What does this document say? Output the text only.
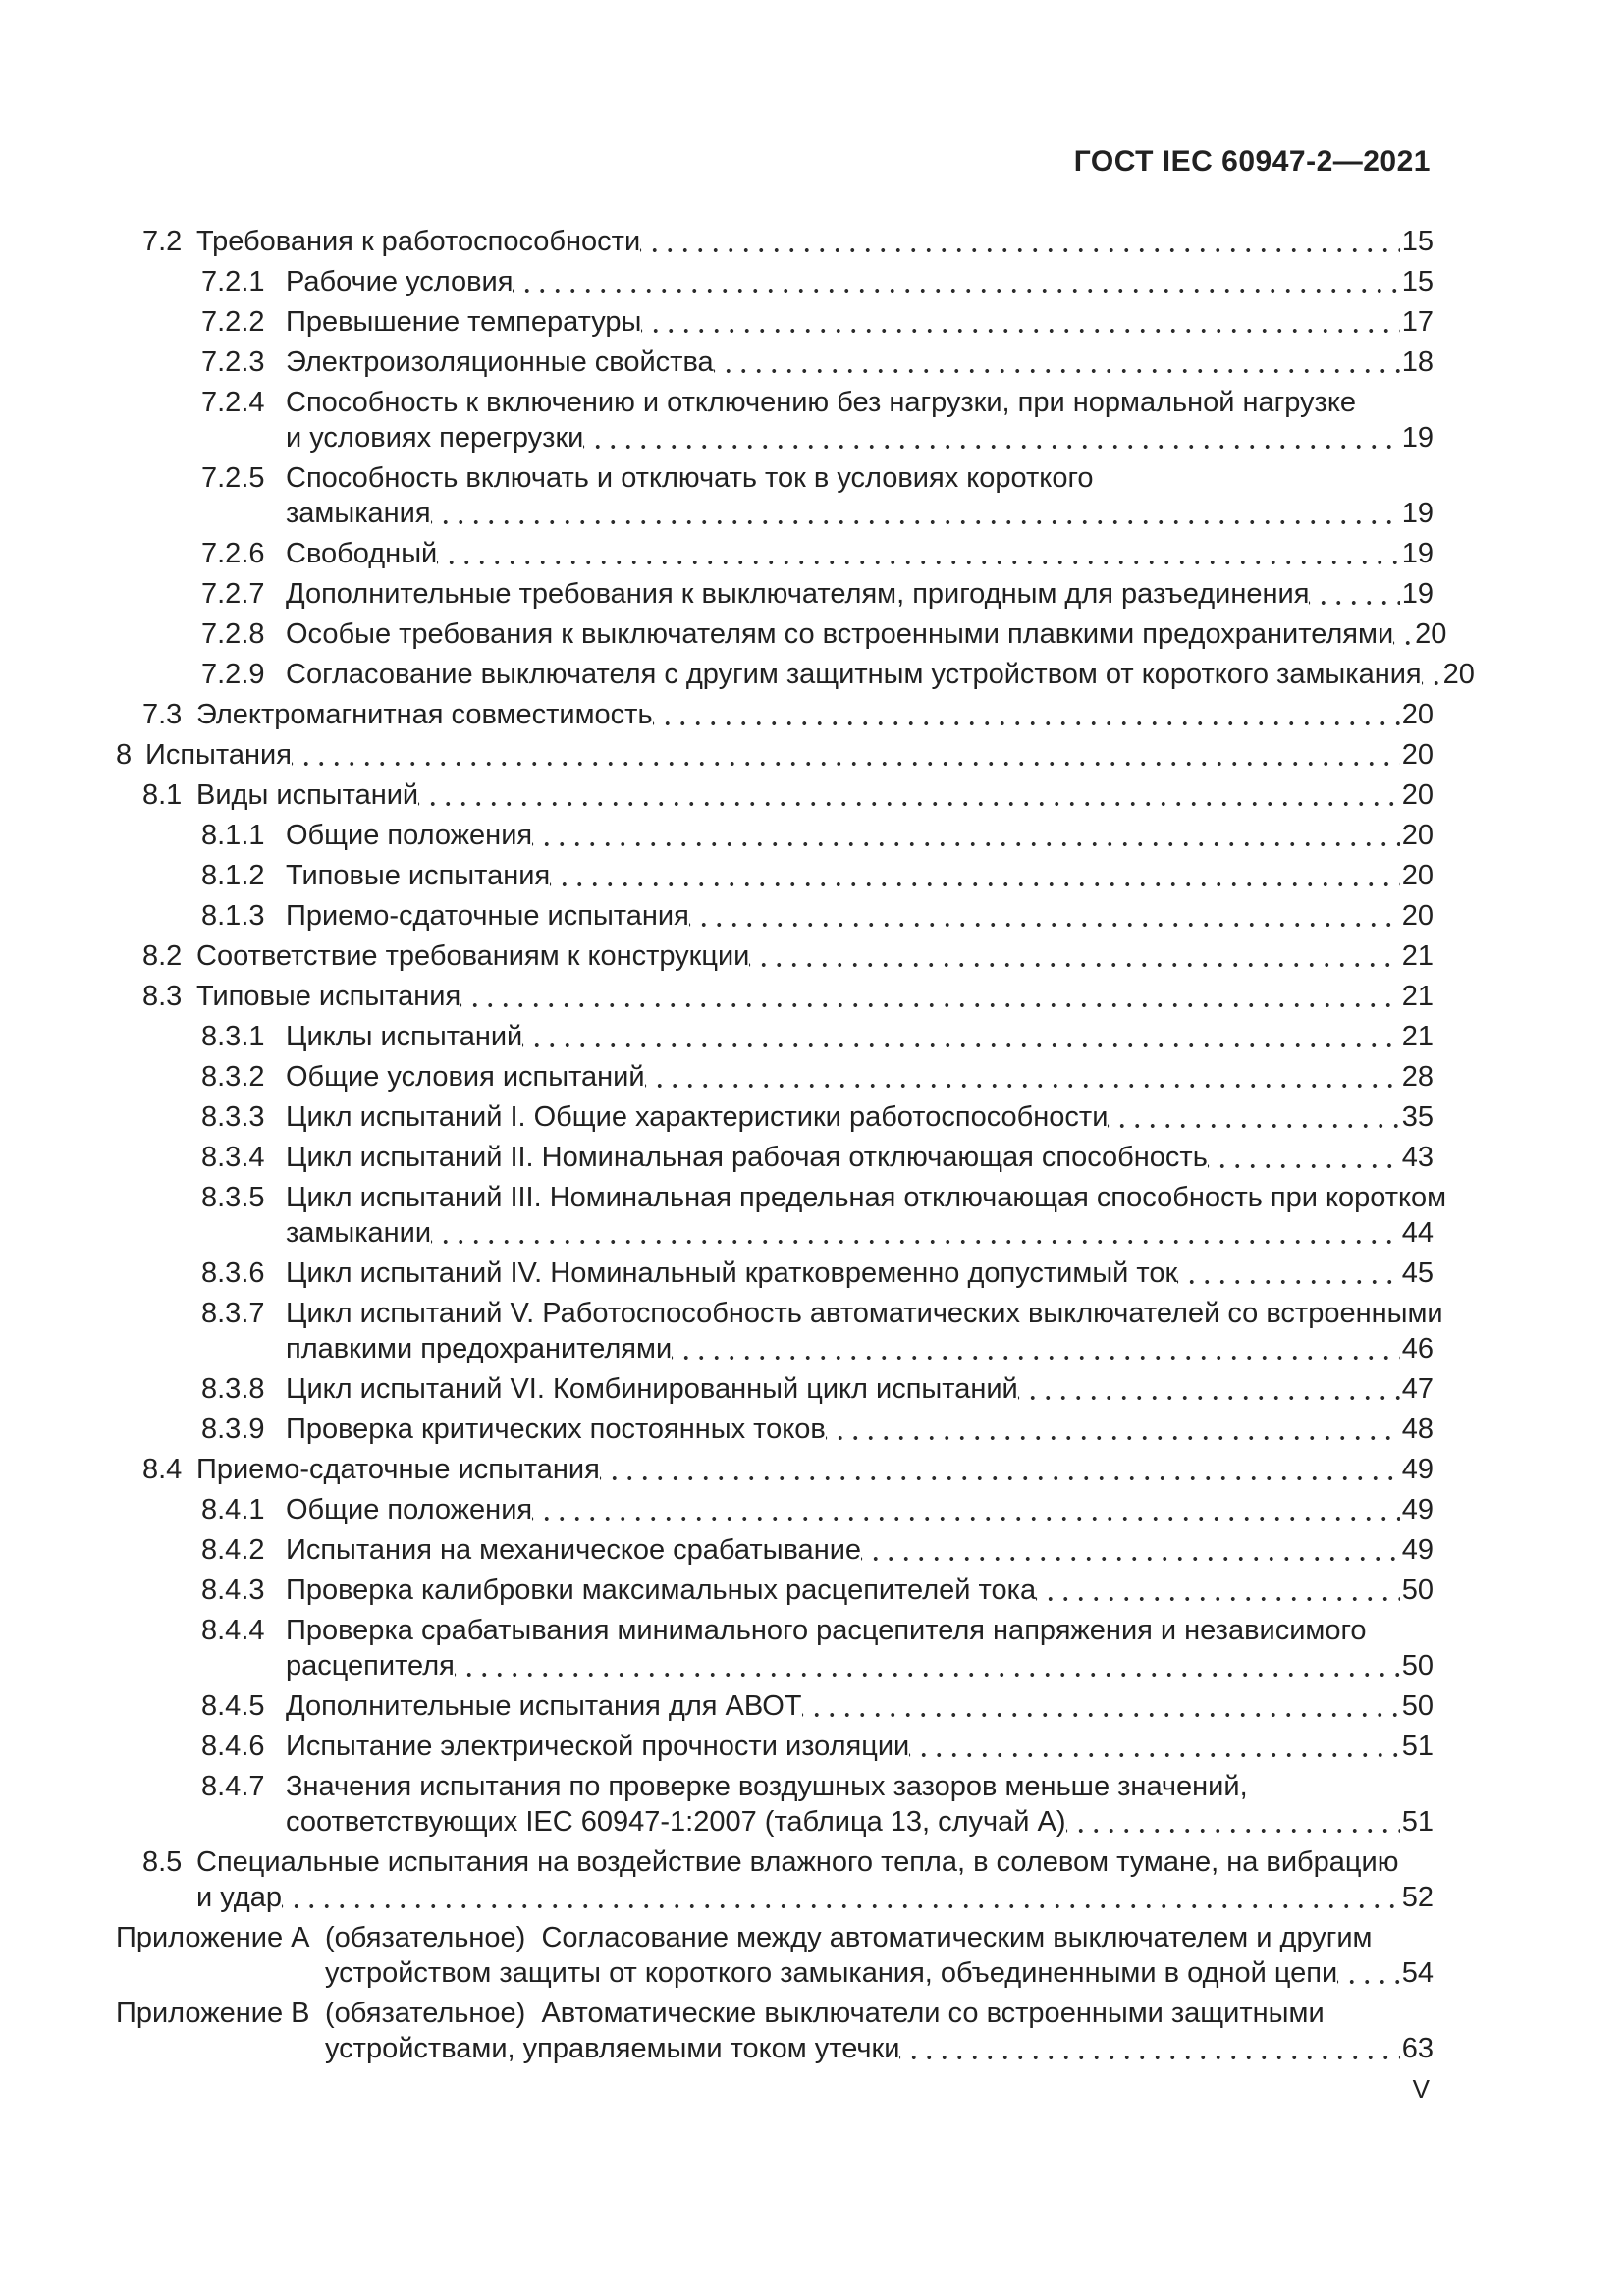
ГОСТ IEC 60947-2—2021
7.2 Требования к работоспособности	15
7.2.1 Рабочие условия	15
7.2.2 Превышение температуры	17
7.2.3 Электроизоляционные свойства	18
7.2.4 Способность к включению и отключению без нагрузки, при нормальной нагрузке
и условиях перегрузки	19
7.2.5 Способность включать и отключать ток в условиях короткого
замыкания	19
7.2.6 Свободный	19
7.2.7 Дополнительные требования к выключателям, пригодным для разъединения	19
7.2.8 Особые требования к выключателям со встроенными плавкими предохранителями 20
7.2.9 Согласование выключателя с другим защитным устройством от короткого замыкания 20
7.3 Электромагнитная совместимость	20
8 Испытания	20
8.1 Виды испытаний	20
8.1.1 Общие положения	20
8.1.2 Типовые испытания	20
8.1.3 Приемо-сдаточные испытания	20
8.2 Соответствие требованиям к конструкции	21
8.3 Типовые испытания	21
8.3.1 Циклы испытаний	21
8.3.2 Общие условия испытаний	28
8.3.3 Цикл испытаний I. Общие характеристики работоспособности	35
8.3.4 Цикл испытаний II. Номинальная рабочая отключающая способность	43
8.3.5 Цикл испытаний III. Номинальная предельная отключающая способность при коротком
замыкании	44
8.3.6 Цикл испытаний IV. Номинальный кратковременно допустимый ток	45
8.3.7 Цикл испытаний V. Работоспособность автоматических выключателей со встроенными
плавкими предохранителями	46
8.3.8 Цикл испытаний VI. Комбинированный цикл испытаний	47
8.3.9 Проверка критических постоянных токов	48
8.4 Приемо-сдаточные испытания	49
8.4.1 Общие положения	49
8.4.2 Испытания на механическое срабатывание	49
8.4.3 Проверка калибровки максимальных расцепителей тока	50
8.4.4 Проверка срабатывания минимального расцепителя напряжения и независимого
расцепителя	50
8.4.5 Дополнительные испытания для АВОТ	50
8.4.6 Испытание электрической прочности изоляции	51
8.4.7 Значения испытания по проверке воздушных зазоров меньше значений,
соответствующих IEC 60947-1:2007 (таблица 13, случай А)	51
8.5 Специальные испытания на воздействие влажного тепла, в солевом тумане, на вибрацию
и удар	52
Приложение А (обязательное)  Согласование между автоматическим выключателем и другим
устройством защиты от короткого замыкания, объединенными в одной цепи 54
Приложение В (обязательное)  Автоматические выключатели со встроенными защитными
устройствами, управляемыми током утечки	63
V
